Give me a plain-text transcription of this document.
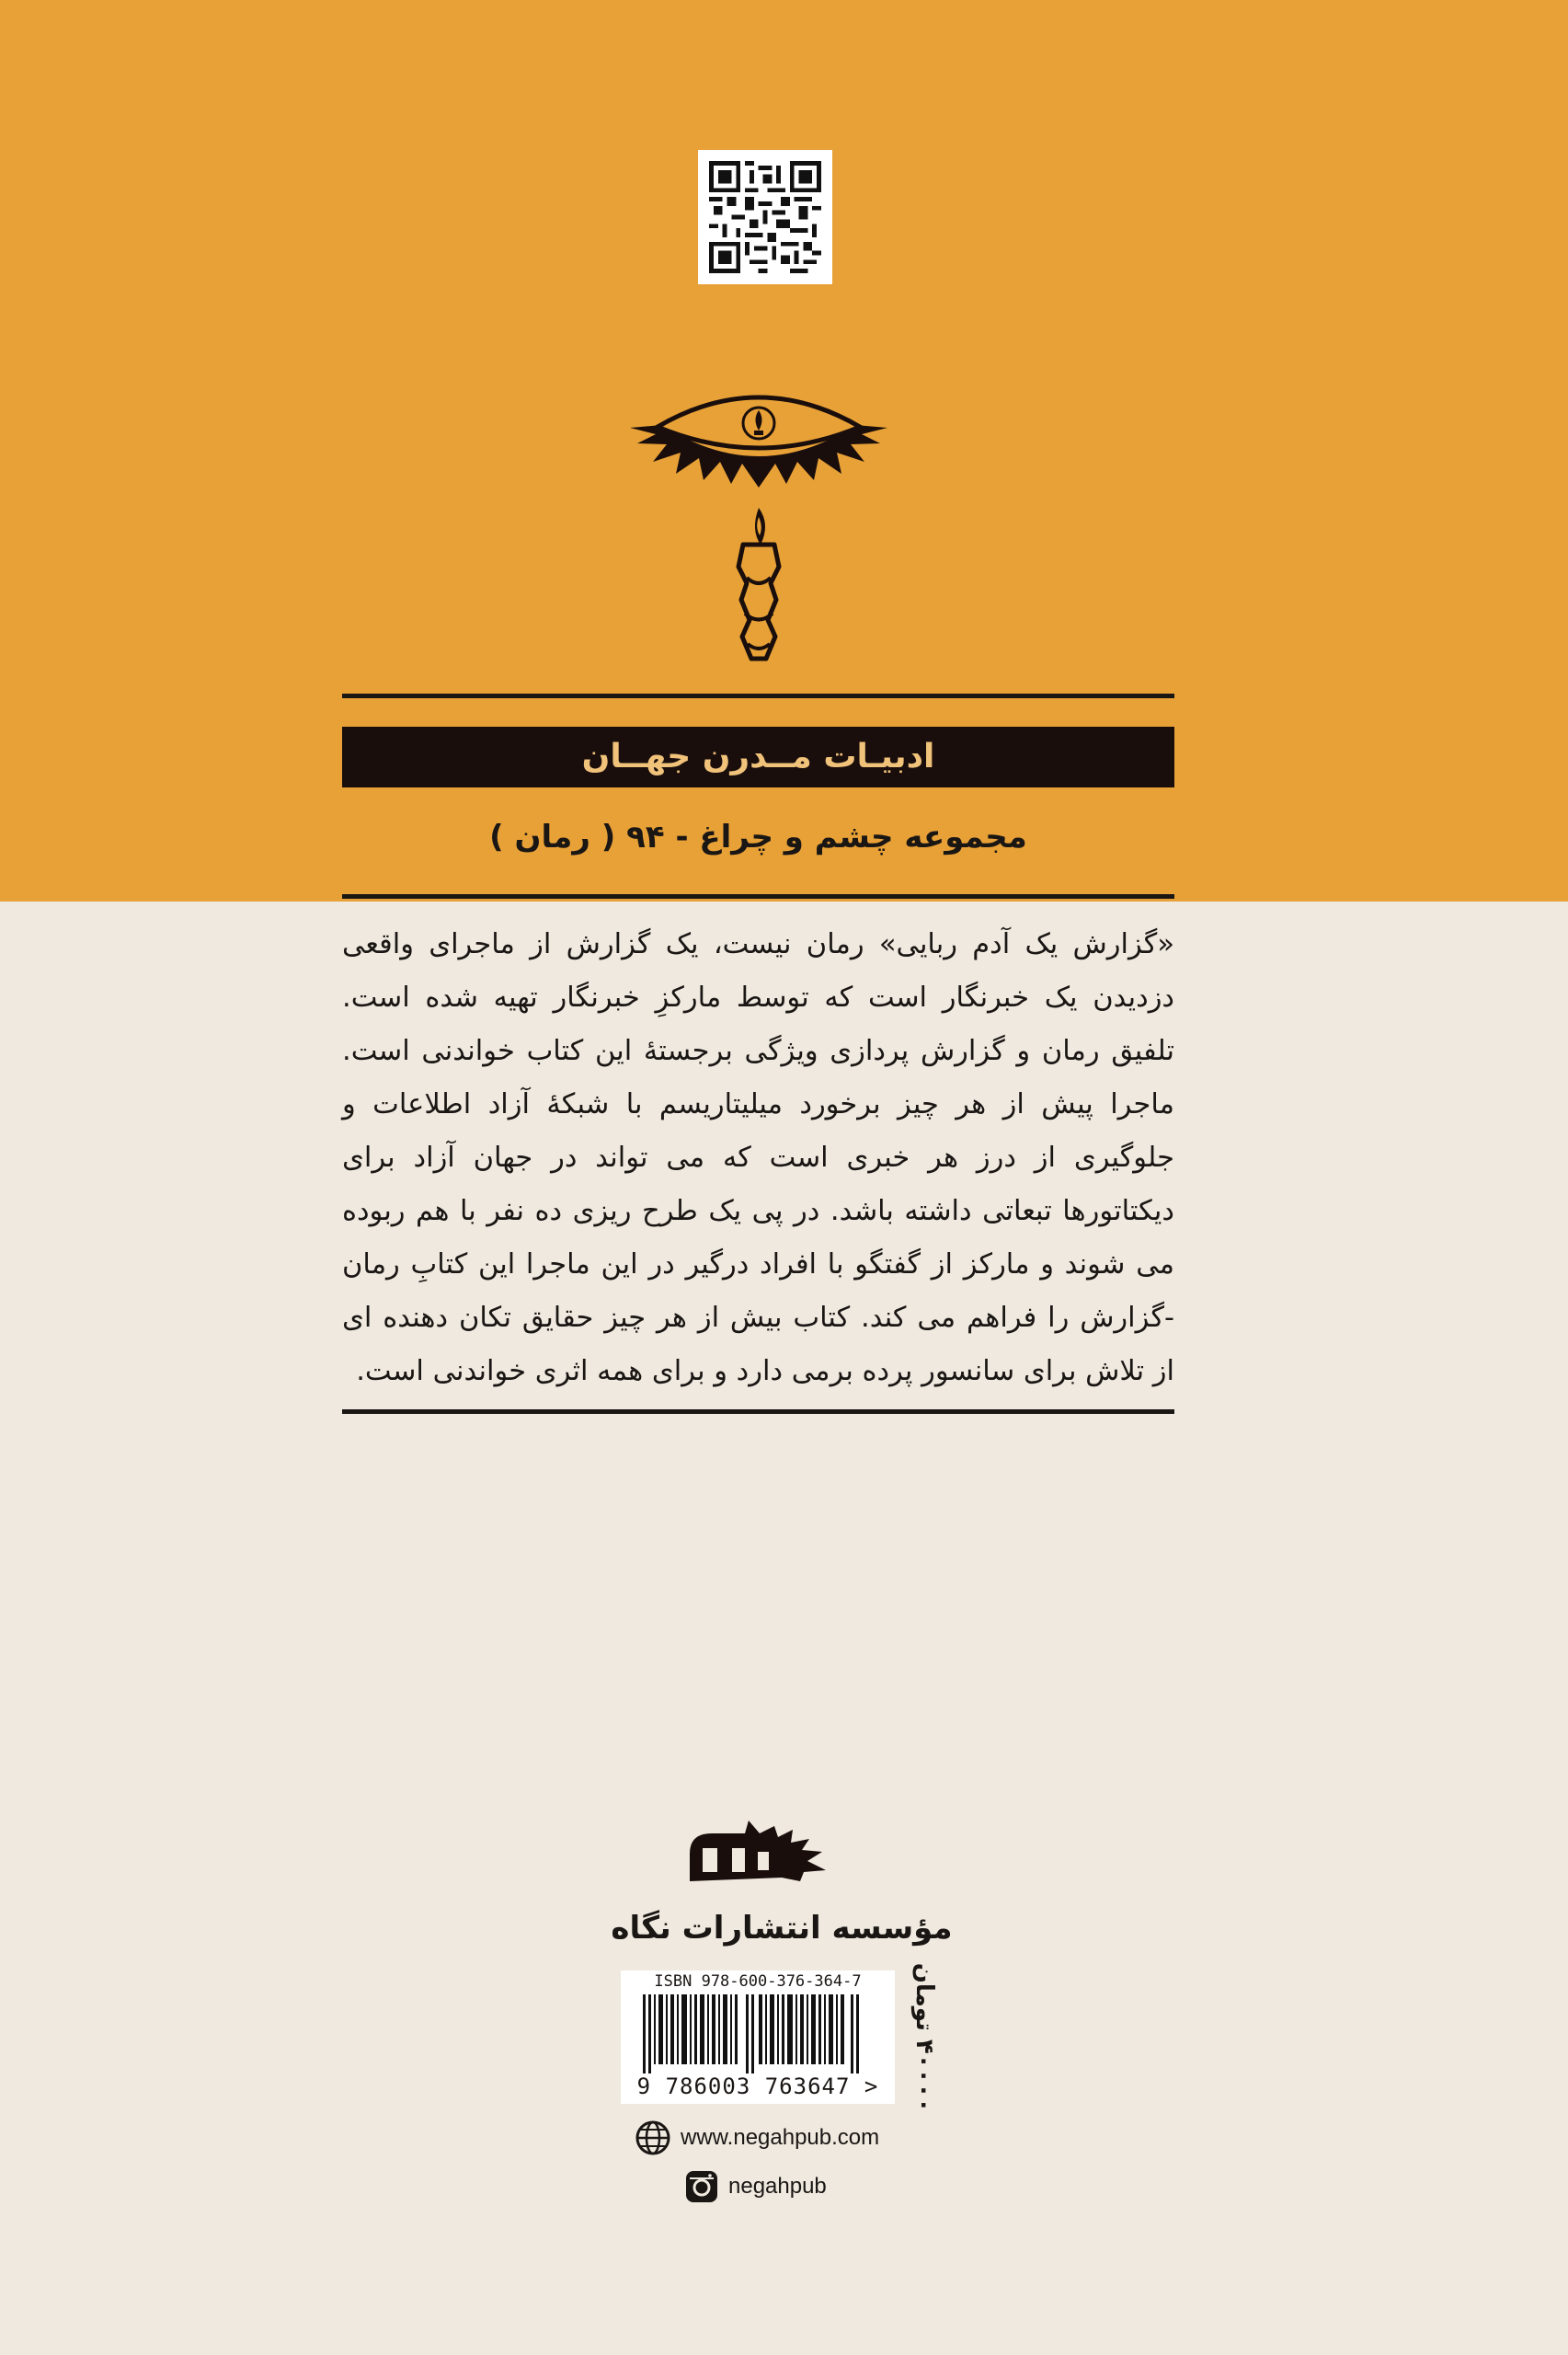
ادبیـات مــدرن جهــان
مجموعه چشم و چراغ - ۹۴ ( رمان )

«گزارش یک آدم ربایی» رمان نیست، یک گزارش از ماجرای واقعی دزدیدن یک خبرنگار است که توسط مارکزِ خبرنگار تهیه شده است. تلفیق رمان و گزارش پردازی ویژگی برجستهٔ این کتاب خواندنی است. ماجرا پیش از هر چیز برخورد میلیتاریسم با شبکهٔ آزاد اطلاعات و جلوگیری از درز هر خبری است که می تواند در جهان آزاد برای دیکتاتورها تبعاتی داشته باشد. در پی یک طرح ریزی ده نفر با هم ربوده می شوند و مارکز از گفتگو با افراد درگیر در این ماجرا این کتابِ رمان -گزارش را فراهم می کند. کتاب بیش از هر چیز حقایق تکان دهنده ای از تلاش برای سانسور پرده برمی دارد و برای همه اثری خواندنی است.

مؤسسه انتشارات نگاه
ISBN 978-600-376-364-7
9 786003 763647 >
۴۰۰۰۰ تومان
www.negahpub.com
negahpub
